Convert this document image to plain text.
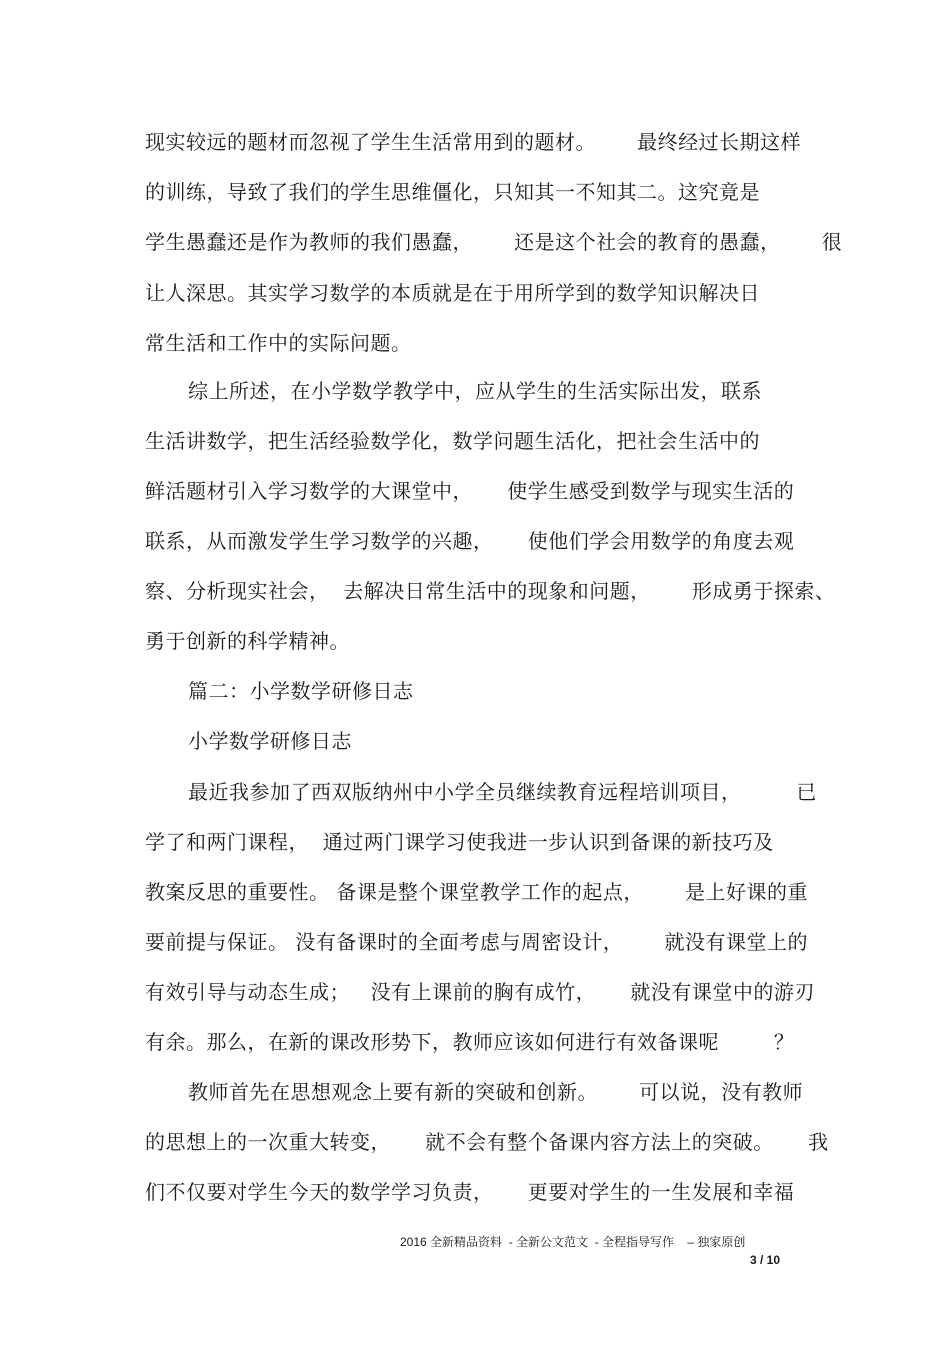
现实较远的题材而忽视了学生生活常用到的题材。      最终经过长期这样
的训练，导致了我们的学生思维僵化，只知其一不知其二。这究竟是
学生愚蠢还是作为教师的我们愚蠢，      还是这个社会的教育的愚蠢，      很
让人深思。其实学习数学的本质就是在于用所学到的数学知识解决日
常生活和工作中的实际问题。
综上所述，在小学数学教学中，应从学生的生活实际出发，联系
生活讲数学，把生活经验数学化，数学问题生活化，把社会生活中的
鲜活题材引入学习数学的大课堂中，     使学生感受到数学与现实生活的
联系，从而激发学生学习数学的兴趣，     使他们学会用数学的角度去观
察、分析现实社会，  去解决日常生活中的现象和问题，      形成勇于探索、
勇于创新的科学精神。
篇二：小学数学研修日志
小学数学研修日志
最近我参加了西双版纳州中小学全员继续教育远程培训项目，        已
学了和两门课程，  通过两门课学习使我进一步认识到备课的新技巧及
教案反思的重要性。 备课是整个课堂教学工作的起点，      是上好课的重
要前提与保证。 没有备课时的全面考虑与周密设计，      就没有课堂上的
有效引导与动态生成；   没有上课前的胸有成竹，     就没有课堂中的游刃
有余。那么，在新的课改形势下，教师应该如何进行有效备课呢        ？
教师首先在思想观念上要有新的突破和创新。      可以说，没有教师
的思想上的一次重大转变，     就不会有整个备课内容方法上的突破。     我
们不仅要对学生今天的数学学习负责，     更要对学生的一生发展和幸福
2016 全新精品资料  - 全新公文范文  - 全程指导写作    – 独家原创
3 / 10
